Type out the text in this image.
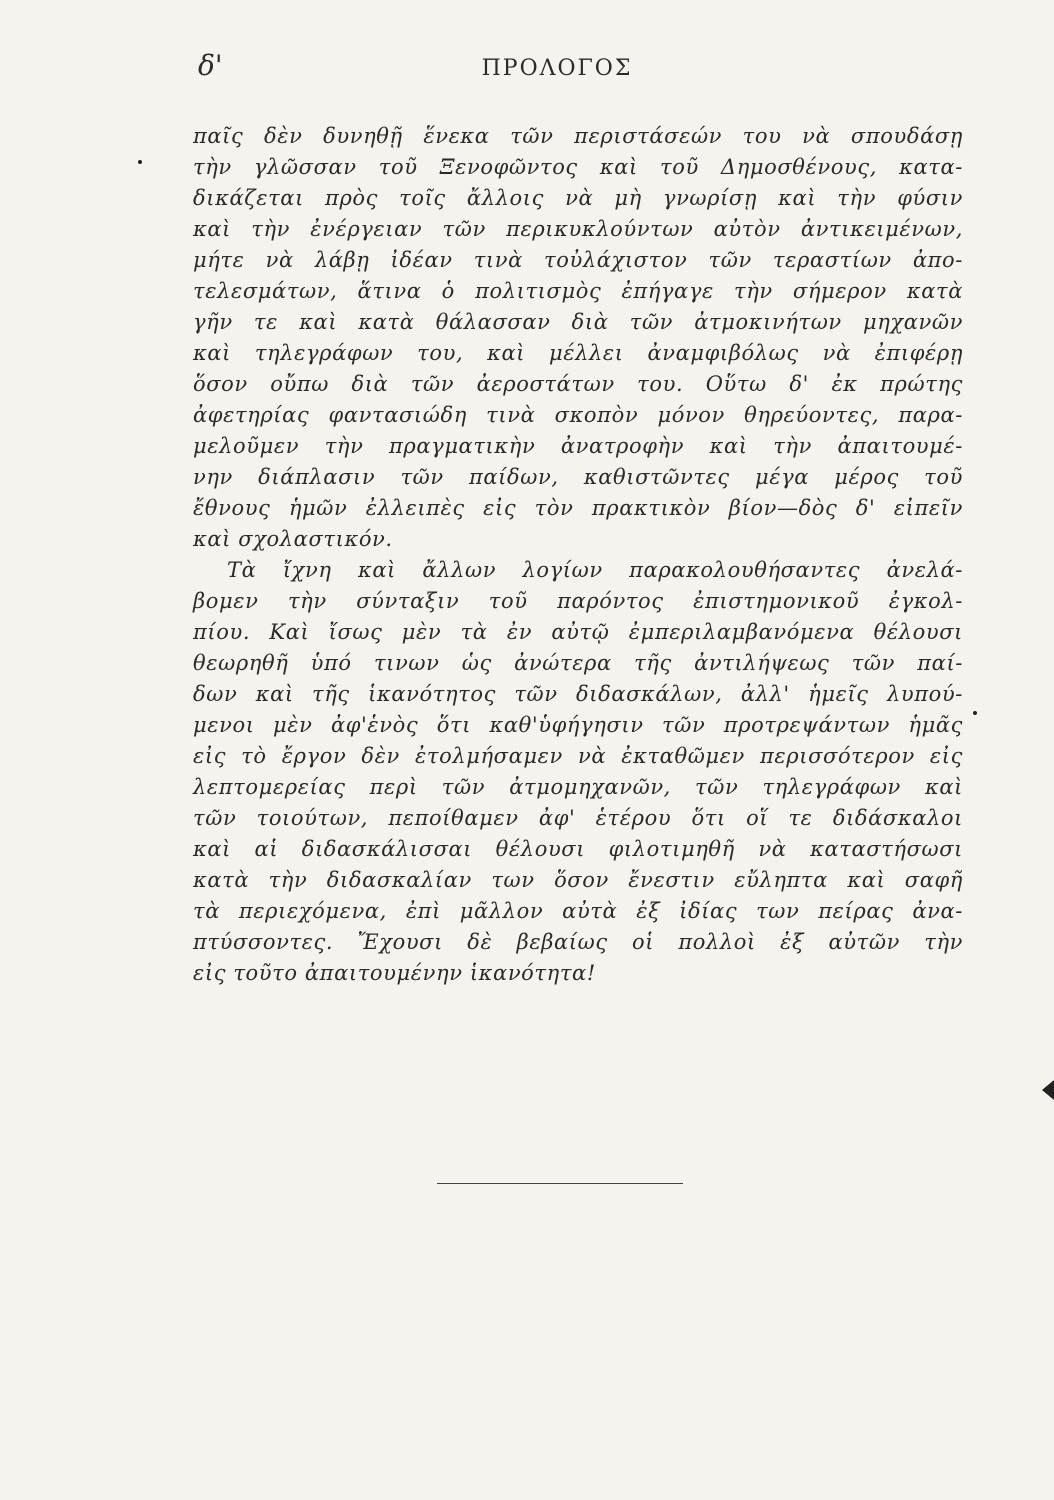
δ'	ΠΡΟΛΟΓΟΣ
παῖς δὲν δυνηθῇ ἕνεκα τῶν περιστάσεών του νὰ σπουδάσῃ
τὴν γλῶσσαν τοῦ Ξενοφῶντος καὶ τοῦ Δημοσθένους, κατα-
δικάζεται πρὸς τοῖς ἄλλοις νὰ μὴ γνωρίσῃ καὶ τὴν φύσιν
καὶ τὴν ἐνέργειαν τῶν περικυκλούντων αὐτὸν ἀντικειμένων,
μήτε νὰ λάβῃ ἰδέαν τινὰ τοὐλάχιστον τῶν τεραστίων ἀπο-
τελεσμάτων, ἅτινα ὁ πολιτισμὸς ἐπήγαγε τὴν σήμερον κατὰ
γῆν τε καὶ κατὰ θάλασσαν διὰ τῶν ἀτμοκινήτων μηχανῶν
καὶ τηλεγράφων του, καὶ μέλλει ἀναμφιβόλως νὰ ἐπιφέρῃ
ὅσον οὔπω διὰ τῶν ἀεροστάτων του. Οὕτω δ' ἐκ πρώτης
ἀφετηρίας φαντασιώδη τινὰ σκοπὸν μόνον θηρεύοντες, παρα-
μελοῦμεν τὴν πραγματικὴν ἀνατροφὴν καὶ τὴν ἀπαιτουμέ-
νην διάπλασιν τῶν παίδων, καθιστῶντες μέγα μέρος τοῦ
ἔθνους ἡμῶν ἐλλειπὲς εἰς τὸν πρακτικὸν βίον—δὸς δ' εἰπεῖν
καὶ σχολαστικόν.
Τὰ ἴχνη καὶ ἄλλων λογίων παρακολουθήσαντες ἀνελά-
βομεν τὴν σύνταξιν τοῦ παρόντος ἐπιστημονικοῦ ἐγκολ-
πίου. Καὶ ἴσως μὲν τὰ ἐν αὐτῷ ἐμπεριλαμβανόμενα θέλουσι
θεωρηθῆ ὑπό τινων ὡς ἀνώτερα τῆς ἀντιλήψεως τῶν παί-
δων καὶ τῆς ἱκανότητος τῶν διδασκάλων, ἀλλ' ἡμεῖς λυπού-
μενοι μὲν ἀφ'ἑνὸς ὅτι καθ'ὑφήγησιν τῶν προτρεψάντων ἡμᾶς
εἰς τὸ ἔργον δὲν ἐτολμήσαμεν νὰ ἐκταθῶμεν περισσότερον εἰς
λεπτομερείας περὶ τῶν ἀτμομηχανῶν, τῶν τηλεγράφων καὶ
τῶν τοιούτων, πεποίθαμεν ἀφ' ἑτέρου ὅτι οἵ τε διδάσκαλοι
καὶ αἱ διδασκάλισσαι θέλουσι φιλοτιμηθῆ νὰ καταστήσωσι
κατὰ τὴν διδασκαλίαν των ὅσον ἔνεστιν εὔληπτα καὶ σαφῆ
τὰ περιεχόμενα, ἐπὶ μᾶλλον αὐτὰ ἐξ ἰδίας των πείρας ἀνα-
πτύσσοντες. Ἔχουσι δὲ βεβαίως οἱ πολλοὶ ἐξ αὐτῶν τὴν
εἰς τοῦτο ἀπαιτουμένην ἱκανότητα!
